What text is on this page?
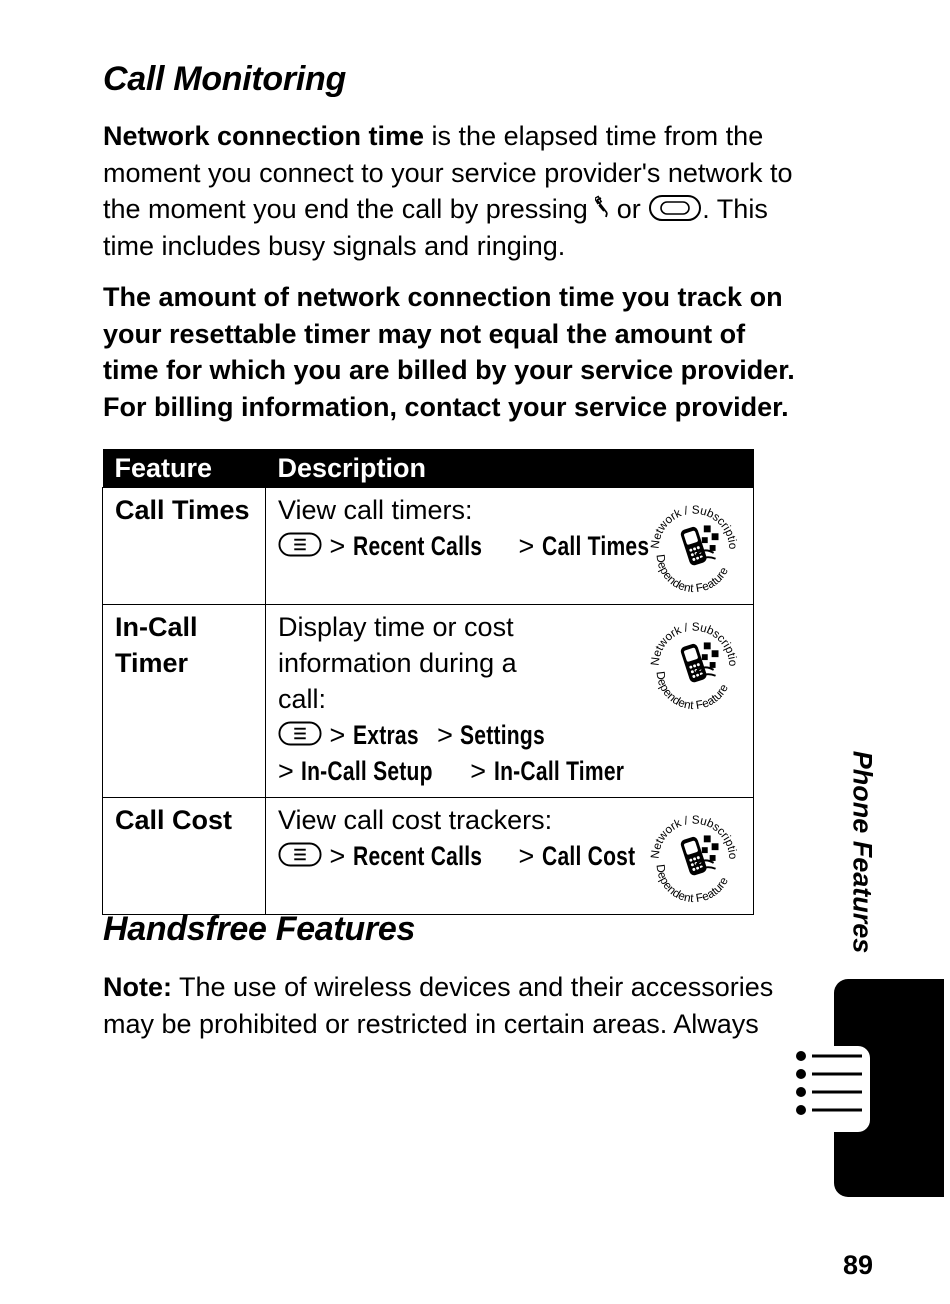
Call Monitoring

Network connection time is the elapsed time from the moment you connect to your service provider's network to the moment you end the call by pressing  or . This time includes busy signals and ringing.

The amount of network connection time you track on your resettable timer may not equal the amount of time for which you are billed by your service provider. For billing information, contact your service provider.

Feature	Description
Call Times	View call timers:
> Recent Calls > Call Times

In-Call Timer	Display time or cost information during a call:
> Extras > Settings
> In-Call Setup > In-Call Timer

Call Cost	View call cost trackers:
> Recent Calls > Call Cost
Handsfree Features

Note: The use of wireless devices and their accessories may be prohibited or restricted in certain areas. Always

Phone Features
89
